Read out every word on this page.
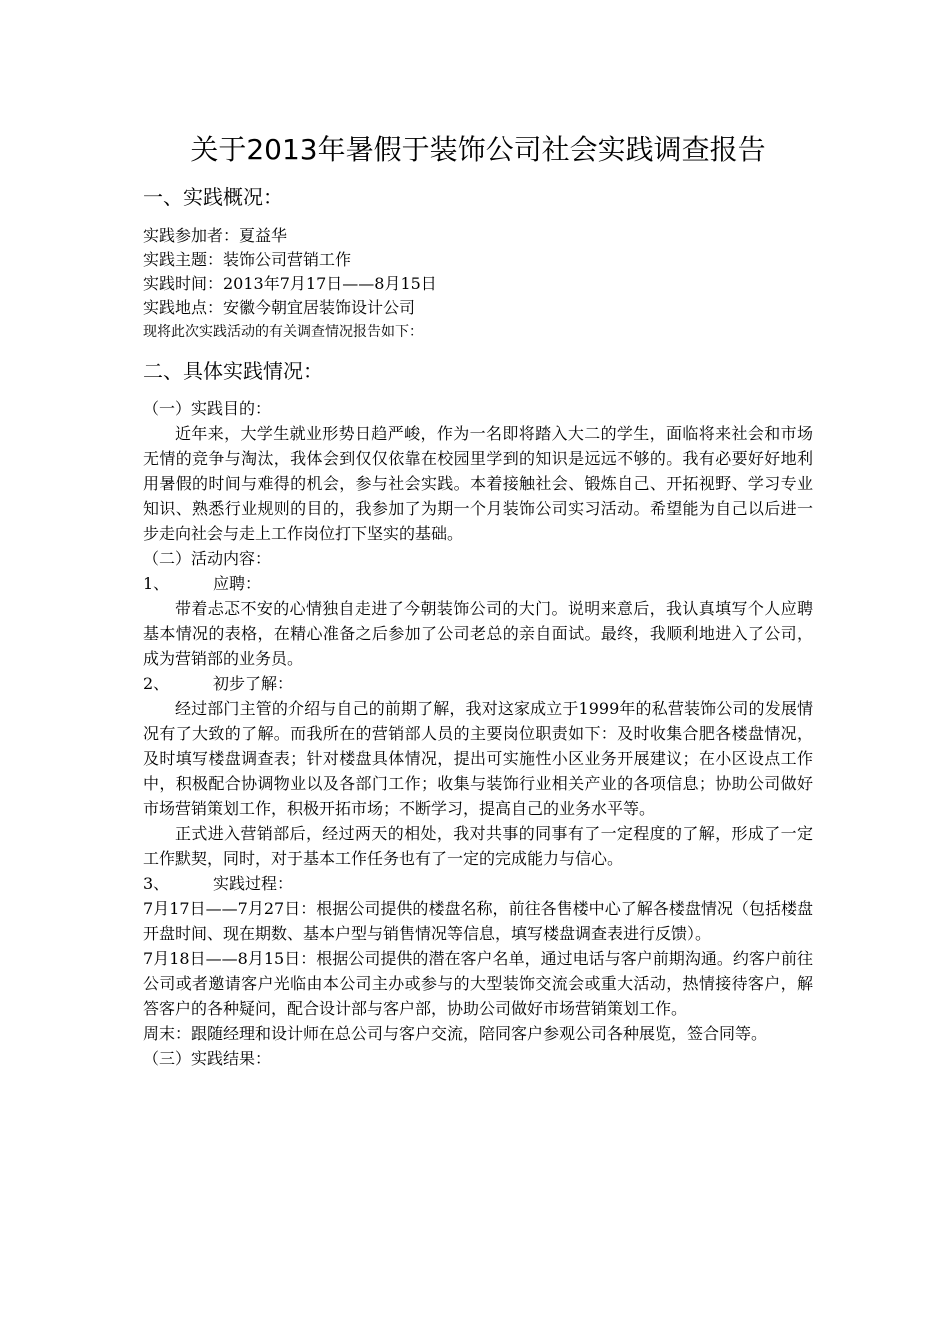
关于2013年暑假于装饰公司社会实践调查报告
一、实践概况：

实践参加者：夏益华

实践主题：装饰公司营销工作

实践时间：2013年7月17日——8月15日

实践地点：安徽今朝宜居装饰设计公司

现将此次实践活动的有关调查情况报告如下：

二、具体实践情况：

（一）实践目的：

近年来，大学生就业形势日趋严峻，作为一名即将踏入大二的学生，面临将来社会和市场无情的竞争与淘汰，我体会到仅仅依靠在校园里学到的知识是远远不够的。我有必要好好地利用暑假的时间与难得的机会，参与社会实践。本着接触社会、锻炼自己、开拓视野、学习专业知识、熟悉行业规则的目的，我参加了为期一个月装饰公司实习活动。希望能为自己以后进一步走向社会与走上工作岗位打下坚实的基础。

（二）活动内容：

1、	应聘：

带着忐忑不安的心情独自走进了今朝装饰公司的大门。说明来意后，我认真填写个人应聘基本情况的表格，在精心准备之后参加了公司老总的亲自面试。最终，我顺利地进入了公司，成为营销部的业务员。

2、	初步了解：

经过部门主管的介绍与自己的前期了解，我对这家成立于1999年的私营装饰公司的发展情况有了大致的了解。而我所在的营销部人员的主要岗位职责如下：及时收集合肥各楼盘情况，及时填写楼盘调查表；针对楼盘具体情况，提出可实施性小区业务开展建议；在小区设点工作中，积极配合协调物业以及各部门工作；收集与装饰行业相关产业的各项信息；协助公司做好市场营销策划工作，积极开拓市场；不断学习，提高自己的业务水平等。

正式进入营销部后，经过两天的相处，我对共事的同事有了一定程度的了解，形成了一定工作默契，同时，对于基本工作任务也有了一定的完成能力与信心。

3、	实践过程：

7月17日——7月27日：根据公司提供的楼盘名称，前往各售楼中心了解各楼盘情况（包括楼盘开盘时间、现在期数、基本户型与销售情况等信息，填写楼盘调查表进行反馈）。

7月18日——8月15日：根据公司提供的潜在客户名单，通过电话与客户前期沟通。约客户前往公司或者邀请客户光临由本公司主办或参与的大型装饰交流会或重大活动，热情接待客户，解答客户的各种疑问，配合设计部与客户部，协助公司做好市场营销策划工作。

周末：跟随经理和设计师在总公司与客户交流，陪同客户参观公司各种展览，签合同等。

（三）实践结果：
